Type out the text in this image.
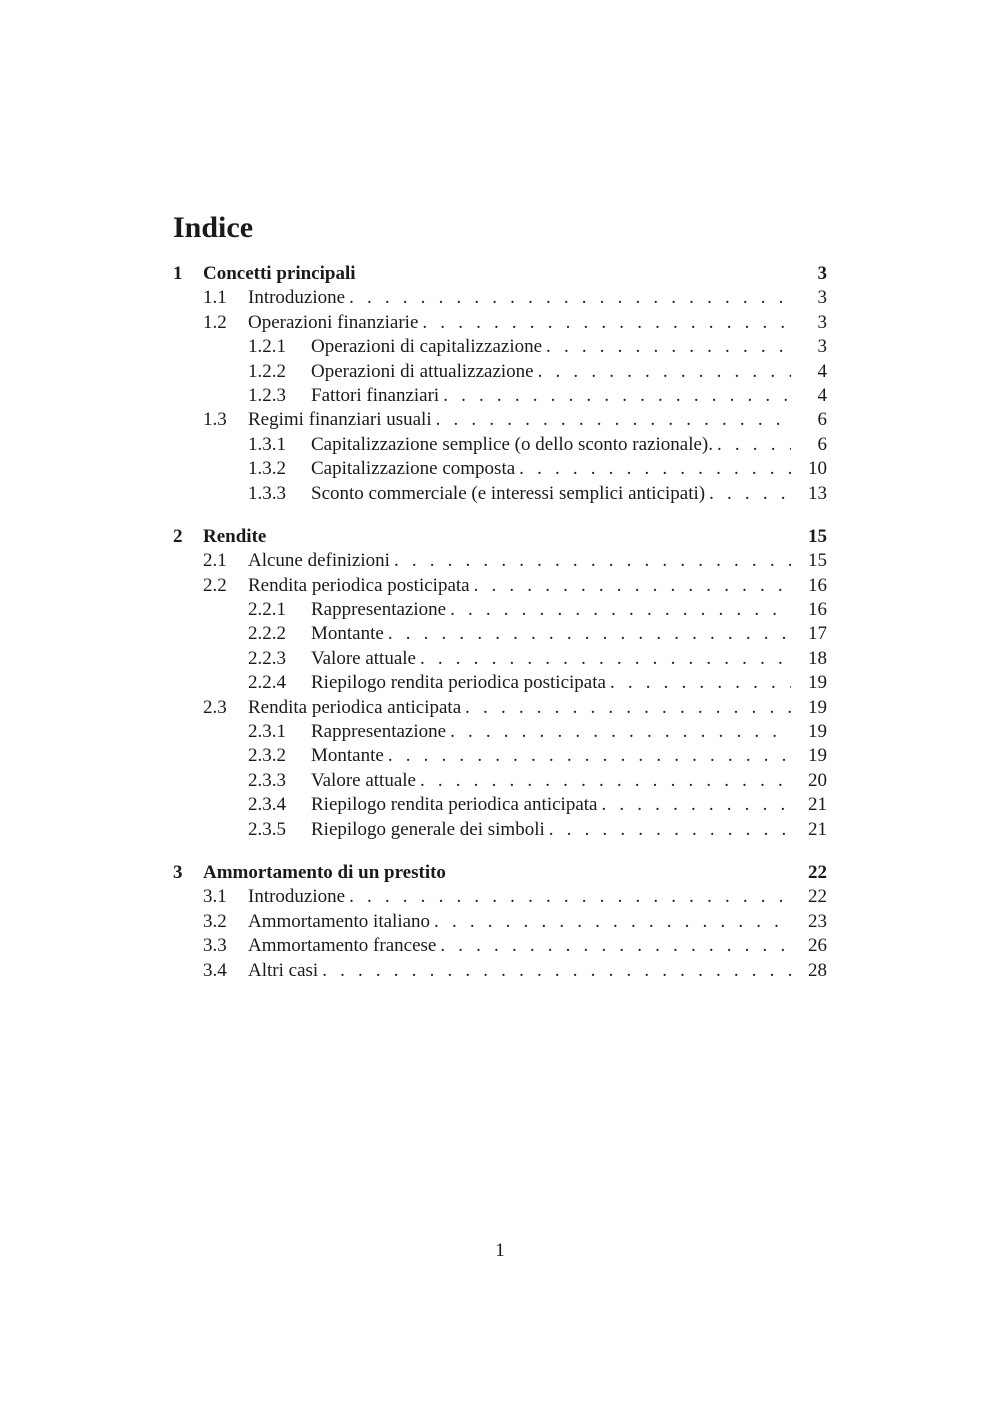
Indice
1	Concetti principali	3
1.1	Introduzione . . .	3
1.2	Operazioni finanziarie . . .	3
1.2.1	Operazioni di capitalizzazione . . .	3
1.2.2	Operazioni di attualizzazione . . .	4
1.2.3	Fattori finanziari . . .	4
1.3	Regimi finanziari usuali . . .	6
1.3.1	Capitalizzazione semplice (o dello sconto razionale). . . .	6
1.3.2	Capitalizzazione composta . . .	10
1.3.3	Sconto commerciale (e interessi semplici anticipati) . . .	13
2	Rendite	15
2.1	Alcune definizioni . . .	15
2.2	Rendita periodica posticipata . . .	16
2.2.1	Rappresentazione . . .	16
2.2.2	Montante . . .	17
2.2.3	Valore attuale . . .	18
2.2.4	Riepilogo rendita periodica posticipata . . .	19
2.3	Rendita periodica anticipata . . .	19
2.3.1	Rappresentazione . . .	19
2.3.2	Montante . . .	19
2.3.3	Valore attuale . . .	20
2.3.4	Riepilogo rendita periodica anticipata . . .	21
2.3.5	Riepilogo generale dei simboli . . .	21
3	Ammortamento di un prestito	22
3.1	Introduzione . . .	22
3.2	Ammortamento italiano . . .	23
3.3	Ammortamento francese . . .	26
3.4	Altri casi . . .	28
1
